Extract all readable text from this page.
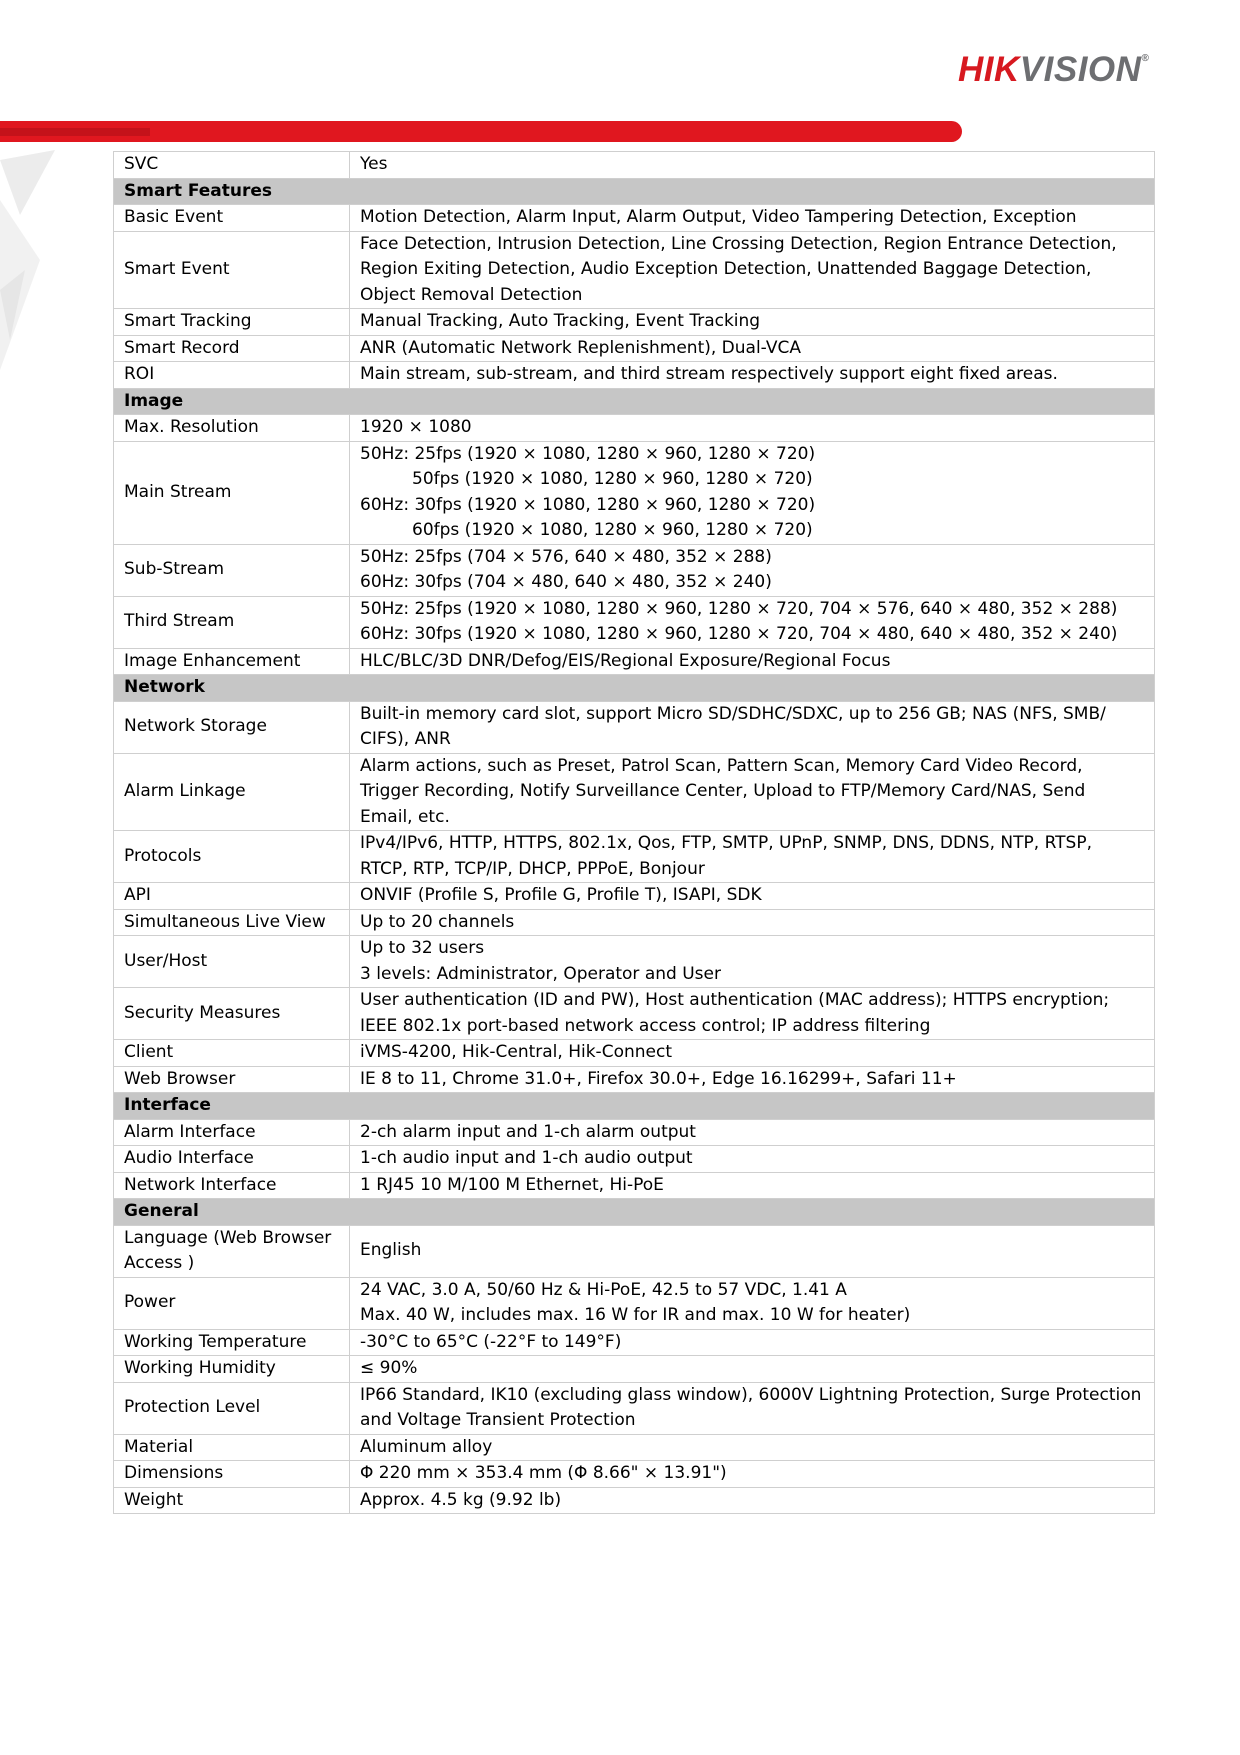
HIKVISION®
SVC	Yes

Smart Features	
Basic Event	Motion Detection, Alarm Input, Alarm Output, Video Tampering Detection, Exception

Smart Event	Face Detection, Intrusion Detection, Line Crossing Detection, Region Entrance Detection,
Region Exiting Detection, Audio Exception Detection, Unattended Baggage Detection,
Object Removal Detection

Smart Tracking	Manual Tracking, Auto Tracking, Event Tracking

Smart Record	ANR (Automatic Network Replenishment), Dual-VCA

ROI	Main stream, sub-stream, and third stream respectively support eight fixed areas.

Image	
Max. Resolution	1920 × 1080

Main Stream	50Hz: 25fps (1920 × 1080, 1280 × 960, 1280 × 720)
50fps (1920 × 1080, 1280 × 960, 1280 × 720)
60Hz: 30fps (1920 × 1080, 1280 × 960, 1280 × 720)
60fps (1920 × 1080, 1280 × 960, 1280 × 720)

Sub-Stream	50Hz: 25fps (704 × 576, 640 × 480, 352 × 288)
60Hz: 30fps (704 × 480, 640 × 480, 352 × 240)

Third Stream	50Hz: 25fps (1920 × 1080, 1280 × 960, 1280 × 720, 704 × 576, 640 × 480, 352 × 288)
60Hz: 30fps (1920 × 1080, 1280 × 960, 1280 × 720, 704 × 480, 640 × 480, 352 × 240)

Image Enhancement	HLC/BLC/3D DNR/Defog/EIS/Regional Exposure/Regional Focus

Network	
Network Storage	Built-in memory card slot, support Micro SD/SDHC/SDXC, up to 256 GB; NAS (NFS, SMB/
CIFS), ANR

Alarm Linkage	Alarm actions, such as Preset, Patrol Scan, Pattern Scan, Memory Card Video Record,
Trigger Recording, Notify Surveillance Center, Upload to FTP/Memory Card/NAS, Send
Email, etc.

Protocols	IPv4/IPv6, HTTP, HTTPS, 802.1x, Qos, FTP, SMTP, UPnP, SNMP, DNS, DDNS, NTP, RTSP,
RTCP, RTP, TCP/IP, DHCP, PPPoE, Bonjour

API	ONVIF (Profile S, Profile G, Profile T), ISAPI, SDK

Simultaneous Live View	Up to 20 channels

User/Host	Up to 32 users
3 levels: Administrator, Operator and User

Security Measures	User authentication (ID and PW), Host authentication (MAC address); HTTPS encryption;
IEEE 802.1x port-based network access control; IP address filtering

Client	iVMS-4200, Hik-Central, Hik-Connect

Web Browser	IE 8 to 11, Chrome 31.0+, Firefox 30.0+, Edge 16.16299+, Safari 11+

Interface	
Alarm Interface	2-ch alarm input and 1-ch alarm output

Audio Interface	1-ch audio input and 1-ch audio output

Network Interface	1 RJ45 10 M/100 M Ethernet, Hi-PoE

General	
Language (Web Browser Access )	English

Power	24 VAC, 3.0 A, 50/60 Hz & Hi-PoE, 42.5 to 57 VDC, 1.41 A
Max. 40 W, includes max. 16 W for IR and max. 10 W for heater)

Working Temperature	-30°C to 65°C (-22°F to 149°F)

Working Humidity	≤ 90%

Protection Level	IP66 Standard, IK10 (excluding glass window), 6000V Lightning Protection, Surge Protection
and Voltage Transient Protection

Material	Aluminum alloy

Dimensions	Φ 220 mm × 353.4 mm (Φ 8.66" × 13.91")

Weight	Approx. 4.5 kg (9.92 lb)
